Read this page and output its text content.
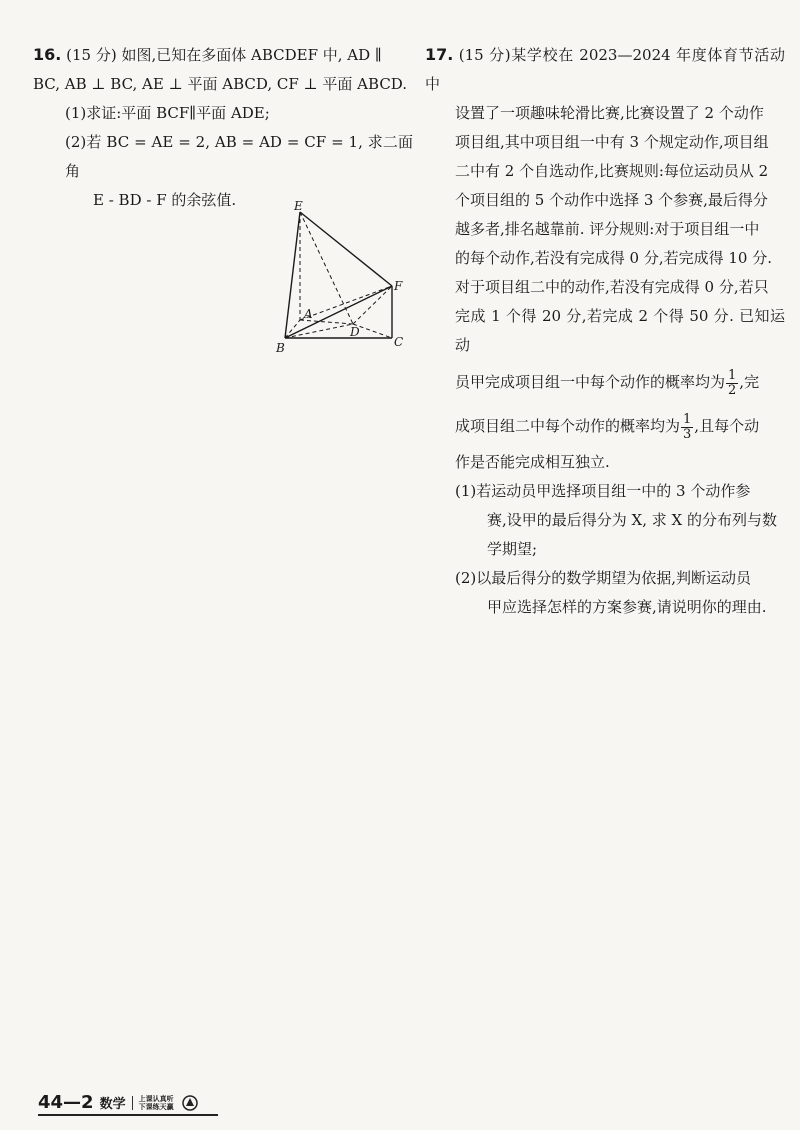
16. (15 分) 如图,已知在多面体 ABCDEF 中, AD ∥

BC, AB ⊥ BC, AE ⊥ 平面 ABCD, CF ⊥ 平面 ABCD.

(1)求证:平面 BCF∥平面 ADE;

(2)若 BC = AE = 2, AB = AD = CF = 1, 求二面角

E - BD - F 的余弦值.	E
F
A
D
B	C

17. (15 分)某学校在 2023—2024 年度体育节活动中

设置了一项趣味轮滑比赛,比赛设置了 2 个动作

项目组,其中项目组一中有 3 个规定动作,项目组

二中有 2 个自选动作,比赛规则:每位运动员从 2

个项目组的 5 个动作中选择 3 个参赛,最后得分

越多者,排名越靠前. 评分规则:对于项目组一中

的每个动作,若没有完成得 0 分,若完成得 10 分.

对于项目组二中的动作,若没有完成得 0 分,若只

完成 1 个得 20 分,若完成 2 个得 50 分. 已知运动

员甲完成项目组一中每个动作的概率均为 $\frac{1}{2}$ ,完

成项目组二中每个动作的概率均为 $\frac{1}{3}$ ,且每个动

作是否能完成相互独立.

(1)若运动员甲选择项目组一中的 3 个动作参

赛,设甲的最后得分为 X, 求 X 的分布列与数

学期望;

(2)以最后得分的数学期望为依据,判断运动员

甲应选择怎样的方案参赛,请说明你的理由.

44—2 数学 上课认真听
下课练天赢
